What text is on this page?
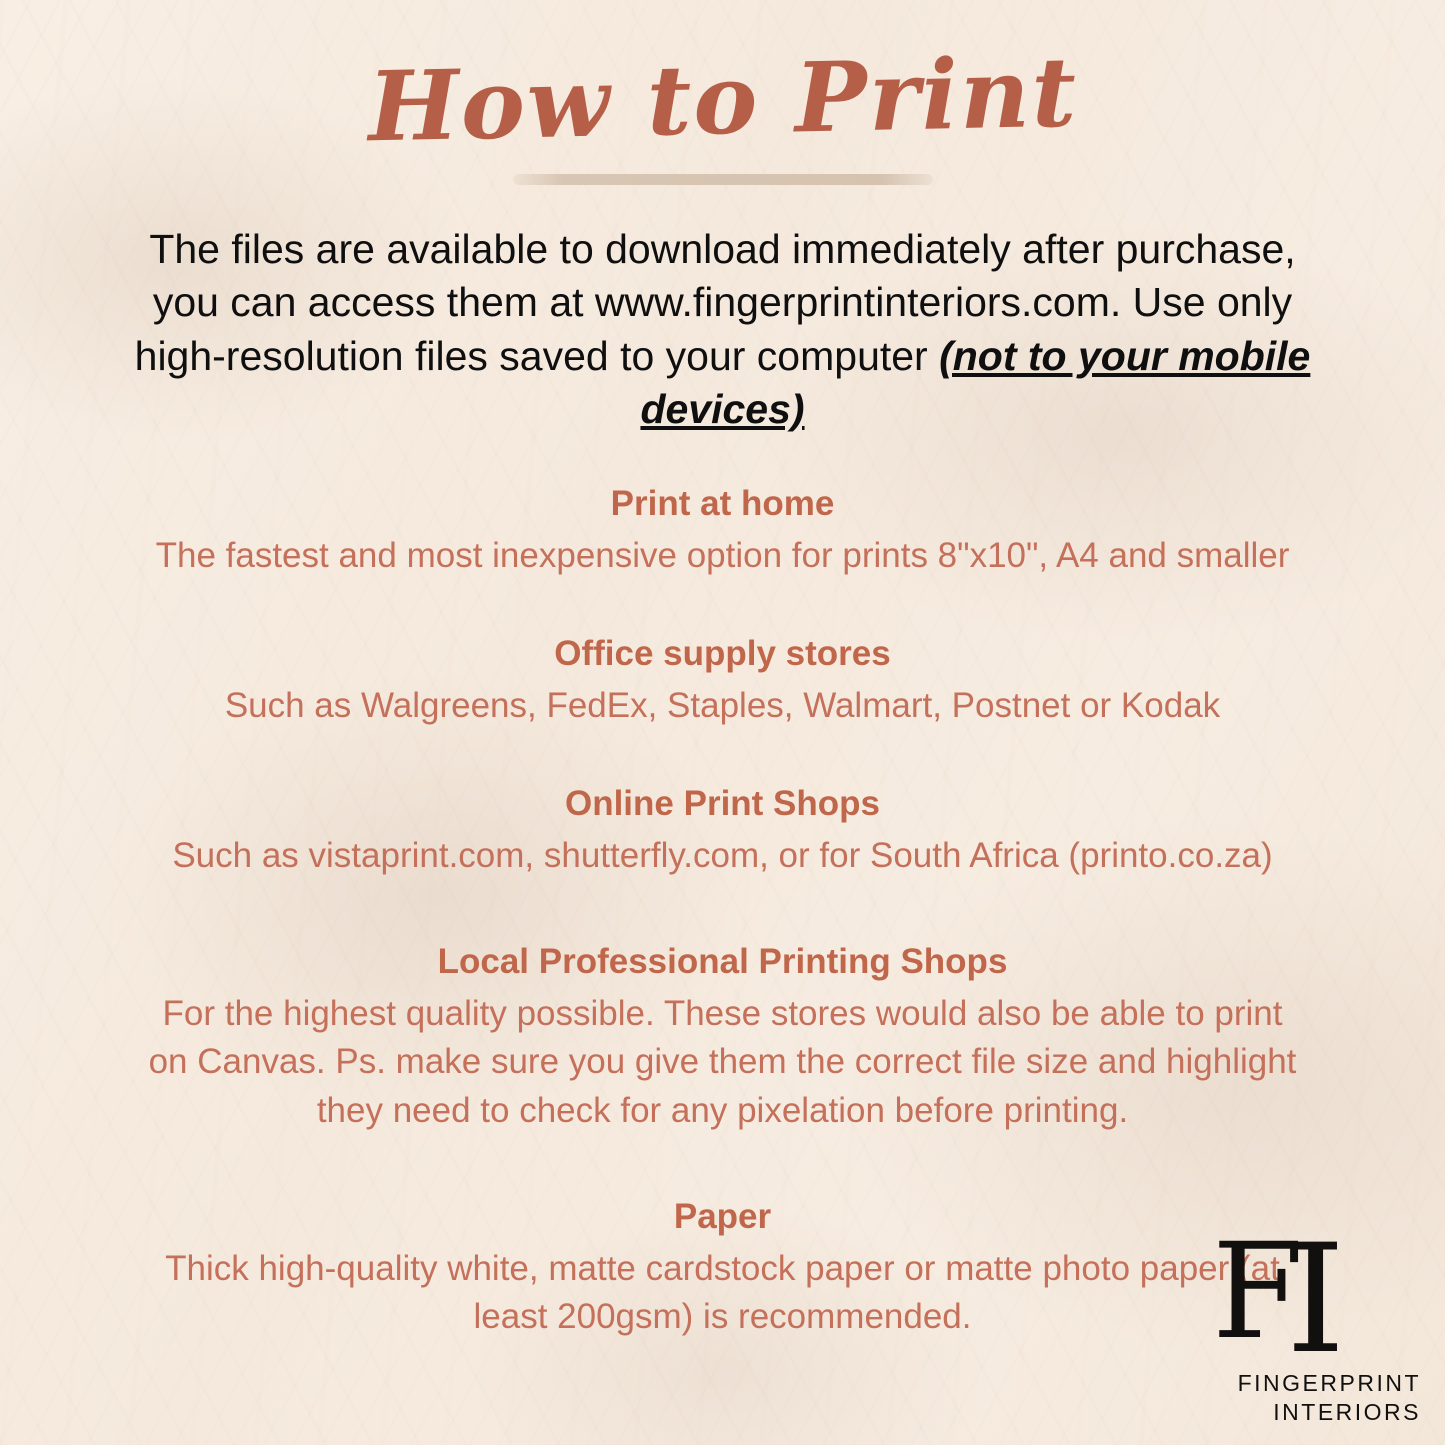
How to Print
The files are available to download immediately after purchase, you can access them at www.fingerprintinteriors.com. Use only high-resolution files saved to your computer (not to your mobile devices)
Print at home
The fastest and most inexpensive option for prints 8"x10", A4 and smaller
Office supply stores
Such as Walgreens, FedEx, Staples, Walmart, Postnet or Kodak
Online Print Shops
Such as vistaprint.com, shutterfly.com, or for South Africa (printo.co.za)
Local Professional Printing Shops
For the highest quality possible. These stores would also be able to print on Canvas. Ps. make sure you give them the correct file size and highlight they need to check for any pixelation before printing.
Paper
Thick high-quality white, matte cardstock paper or matte photo paper (at least 200gsm) is recommended.	F
I
FINGERPRINT
INTERIORS
